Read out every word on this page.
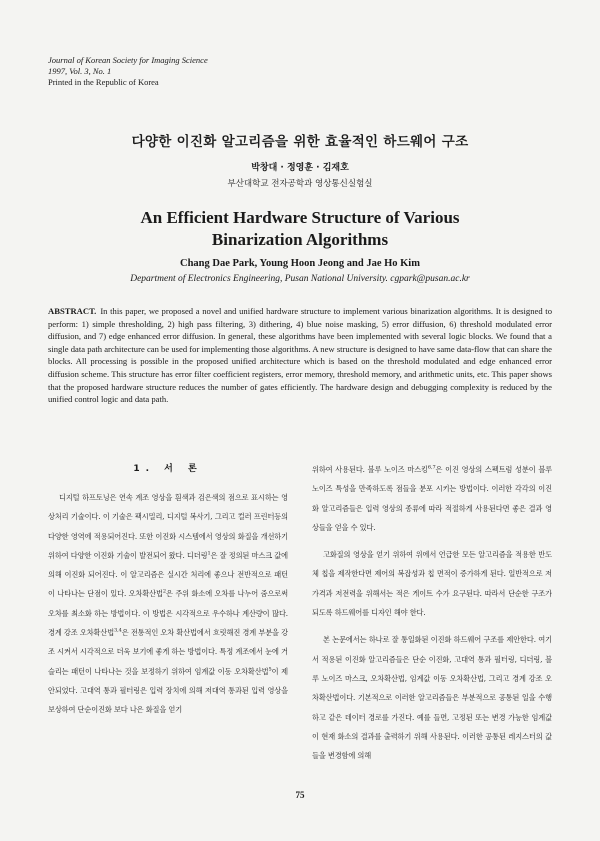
Journal of Korean Society for Imaging Science
1997, Vol. 3, No. 1
Printed in the Republic of Korea
다양한 이진화 알고리즘을 위한 효율적인 하드웨어 구조
박창대 · 정영훈 · 김재호
부산대학교 전자공학과 영상통신실험실
An Efficient Hardware Structure of Various
Binarization Algorithms
Chang Dae Park, Young Hoon Jeong and Jae Ho Kim
Department of Electronics Engineering, Pusan National University. cgpark@pusan.ac.kr
ABSTRACT. In this paper, we proposed a novel and unified hardware structure to implement various binarization algorithms. It is designed to perform: 1) simple thresholding, 2) high pass filtering, 3) dithering, 4) blue noise masking, 5) error diffusion, 6) threshold modulated error diffusion, and 7) edge enhanced error diffusion. In general, these algorithms have been implemented with several logic blocks. We found that a single data path architecture can be used for implementing those algorithms. A new structure is designed to have same data-flow that can share the blocks. All processing is possible in the proposed unified architecture which is based on the threshold modulated and edge enhanced error diffusion scheme. This structure has error filter coefficient registers, error memory, threshold memory, and arithmetic units, etc. This paper shows that the proposed hardware structure reduces the number of gates efficiently. The hardware design and debugging complexity is reduced by the unified control logic and data path.
1. 서 론

디지털 하프토닝은 연속 계조 영상을 흰색과 검은색의 점으로 표시하는 영상처리 기술이다. 이 기술은 팩시밀리, 디지털 복사기, 그리고 컬러 프린터등의 다양한 영역에 적용되어진다. 또한 이진화 시스템에서 영상의 화질을 개선하기 위하여 다양한 이진화 기술이 발전되어 왔다. 디더링$^1$은 잘 정의된 마스크 값에 의해 이진화 되어진다. 이 알고리즘은 실시간 처리에 좋으나 전반적으로 패턴이 나타나는 단점이 있다. 오차확산법$^2$은 주위 화소에 오차를 나누어 줌으로써 오차를 최소화 하는 방법이다. 이 방법은 시각적으로 우수하나 계산량이 많다. 경계 강조 오차확산법$^{3,4}$은 전통적인 오차 확산법에서 흐릿해진 경계 부분을 강조 시켜서 시각적으로 더욱 보기에 좋게 하는 방법이다. 특정 계조에서 눈에 거슬리는 패턴이 나타나는 것을 보정하기 위하여 임계값 이동 오차확산법$^5$이 제안되었다. 고대역 통과 필터링은 입력 장치에 의해 저대역 통과된 입력 영상을 보상하여 단순이진화 보다 나은 화질을 얻기

위하여 사용된다. 블루 노이즈 마스킹$^{6,7}$은 이진 영상의 스펙트럼 성분이 블루 노이즈 특성을 만족하도록 점들을 분포 시키는 방법이다. 이러한 각각의 이진화 알고리즘들은 입력 영상의 종류에 따라 적절하게 사용된다면 좋은 결과 영상들을 얻을 수 있다.

고화질의 영상을 얻기 위하여 위에서 언급한 모든 알고리즘을 적용한 반도체 칩을 제작한다면 제어의 복잡성과 칩 면적이 증가하게 된다. 일반적으로 저가격과 저전력을 위해서는 적은 게이트 수가 요구된다. 따라서 단순한 구조가 되도록 하드웨어를 디자인 해야 한다.

본 논문에서는 하나로 잘 통일화된 이진화 하드웨어 구조를 제안한다. 여기서 적용된 이진화 알고리즘들은 단순 이진화, 고대역 통과 필터링, 디더링, 블루 노이즈 마스크, 오차확산법, 임계값 이동 오차확산법, 그리고 경계 강조 오차확산법이다. 기본적으로 이러한 알고리즘들은 부분적으로 공통된 일을 수행하고 같은 데이터 경로를 가진다. 예를 들면, 고정된 또는 변경 가능한 임계값이 현재 화소의 결과를 출력하기 위해 사용된다. 이러한 공통된 레지스터의 값들을 변경함에 의해

75
